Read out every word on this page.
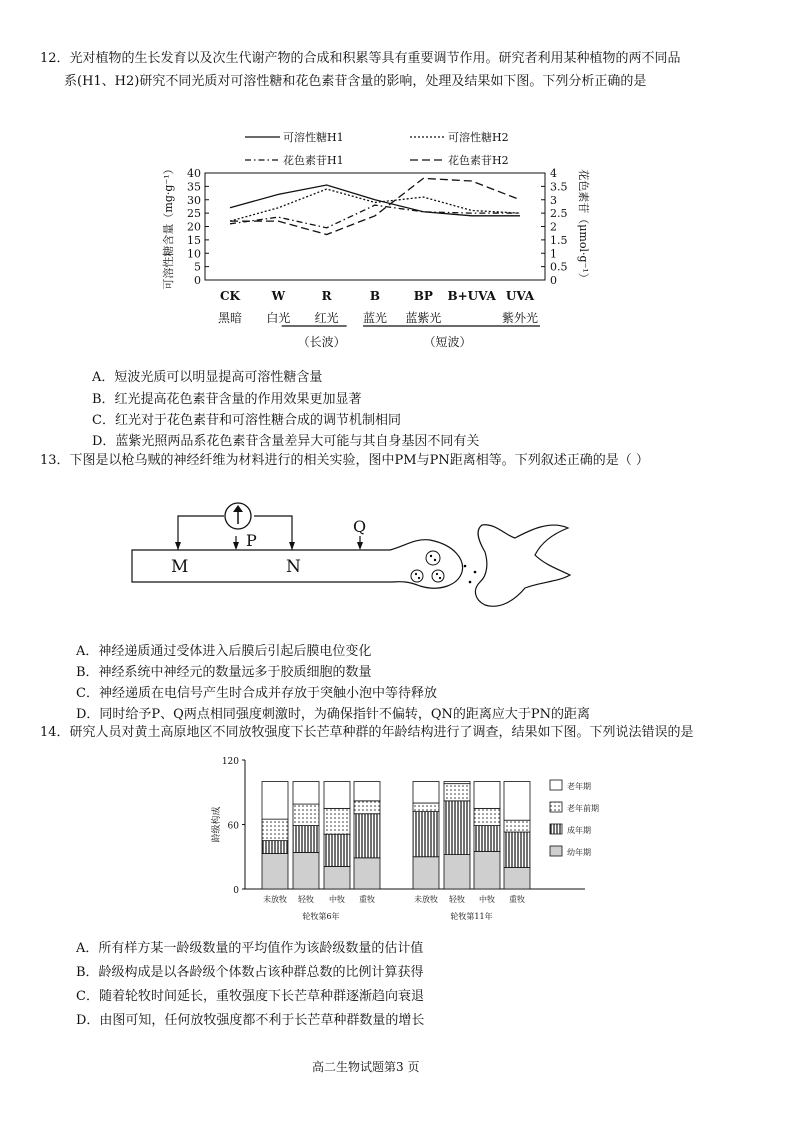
12．光对植物的生长发育以及次生代谢产物的合成和积累等具有重要调节作用。研究者利用某种植物的两不同品
系(H1、H2)研究不同光质对可溶性糖和花色素苷含量的影响，处理及结果如下图。下列分析正确的是
可溶性糖H1	可溶性糖H2
花色素苷H1	花色素苷H2
0
5
10
15
20
25
30
35
40
0
0.5
1
1.5
2
2.5
3
3.5
4
可溶性糖含量（mg·g⁻¹）	花色素苷（μmol·g⁻¹）
CK
黑暗
W
白光
R
红光
B
蓝光
BP
蓝紫光
B+UVA UVA
紫外光
（长波）	（短波）
A．短波光质可以明显提高可溶性糖含量
B．红光提高花色素苷含量的作用效果更加显著
C．红光对于花色素苷和可溶性糖合成的调节机制相同
D．蓝紫光照两品系花色素苷含量差异大可能与其自身基因不同有关
13．下图是以枪乌贼的神经纤维为材料进行的相关实验，图中PM与PN距离相等。下列叙述正确的是（ ）
M	N
P
Q
A．神经递质通过受体进入后膜后引起后膜电位变化
B．神经系统中神经元的数量远多于胶质细胞的数量
C．神经递质在电信号产生时合成并存放于突触小泡中等待释放
D．同时给予P、Q两点相同强度刺激时，为确保指针不偏转，QN的距离应大于PN的距离
14．研究人员对黄土高原地区不同放牧强度下长芒草种群的年龄结构进行了调查，结果如下图。下列说法错误的是
0
60
120
龄级构成
未放牧 轻牧 中牧 重牧	未放牧 轻牧 中牧 重牧
轮牧第6年	轮牧第11年
老年期
老年前期
成年期
幼年期
A．所有样方某一龄级数量的平均值作为该龄级数量的估计值
B．龄级构成是以各龄级个体数占该种群总数的比例计算获得
C．随着轮牧时间延长，重牧强度下长芒草种群逐渐趋向衰退
D．由图可知，任何放牧强度都不利于长芒草种群数量的增长
高二生物试题第3 页
